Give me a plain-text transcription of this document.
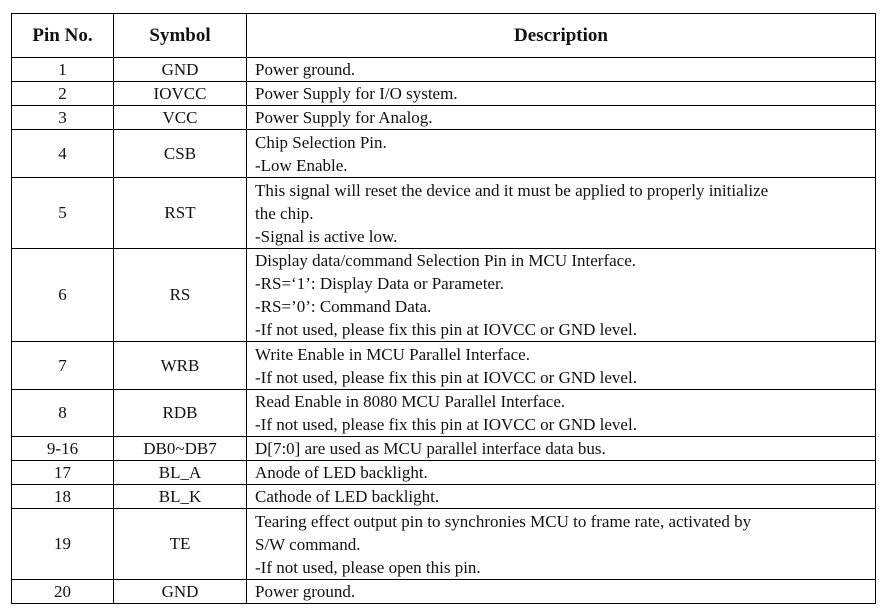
Pin No.	Symbol	Description
1	GND	Power ground.

2	IOVCC	Power Supply for I/O system.

3	VCC	Power Supply for Analog.

4	CSB	Chip Selection Pin.
-Low Enable.

5	RST	This signal will reset the device and it must be applied to properly initialize
the chip.
-Signal is active low.

6	RS	Display data/command Selection Pin in MCU Interface.
-RS=‘1’: Display Data or Parameter.
-RS=’0’: Command Data.
-If not used, please fix this pin at IOVCC or GND level.

7	WRB	Write Enable in MCU Parallel Interface.
-If not used, please fix this pin at IOVCC or GND level.

8	RDB	Read Enable in 8080 MCU Parallel Interface.
-If not used, please fix this pin at IOVCC or GND level.

9-16	DB0~DB7	D[7:0] are used as MCU parallel interface data bus.

17	BL_A	Anode of LED backlight.

18	BL_K	Cathode of LED backlight.

19	TE	Tearing effect output pin to synchronies MCU to frame rate, activated by
S/W command.
-If not used, please open this pin.

20	GND	Power ground.
